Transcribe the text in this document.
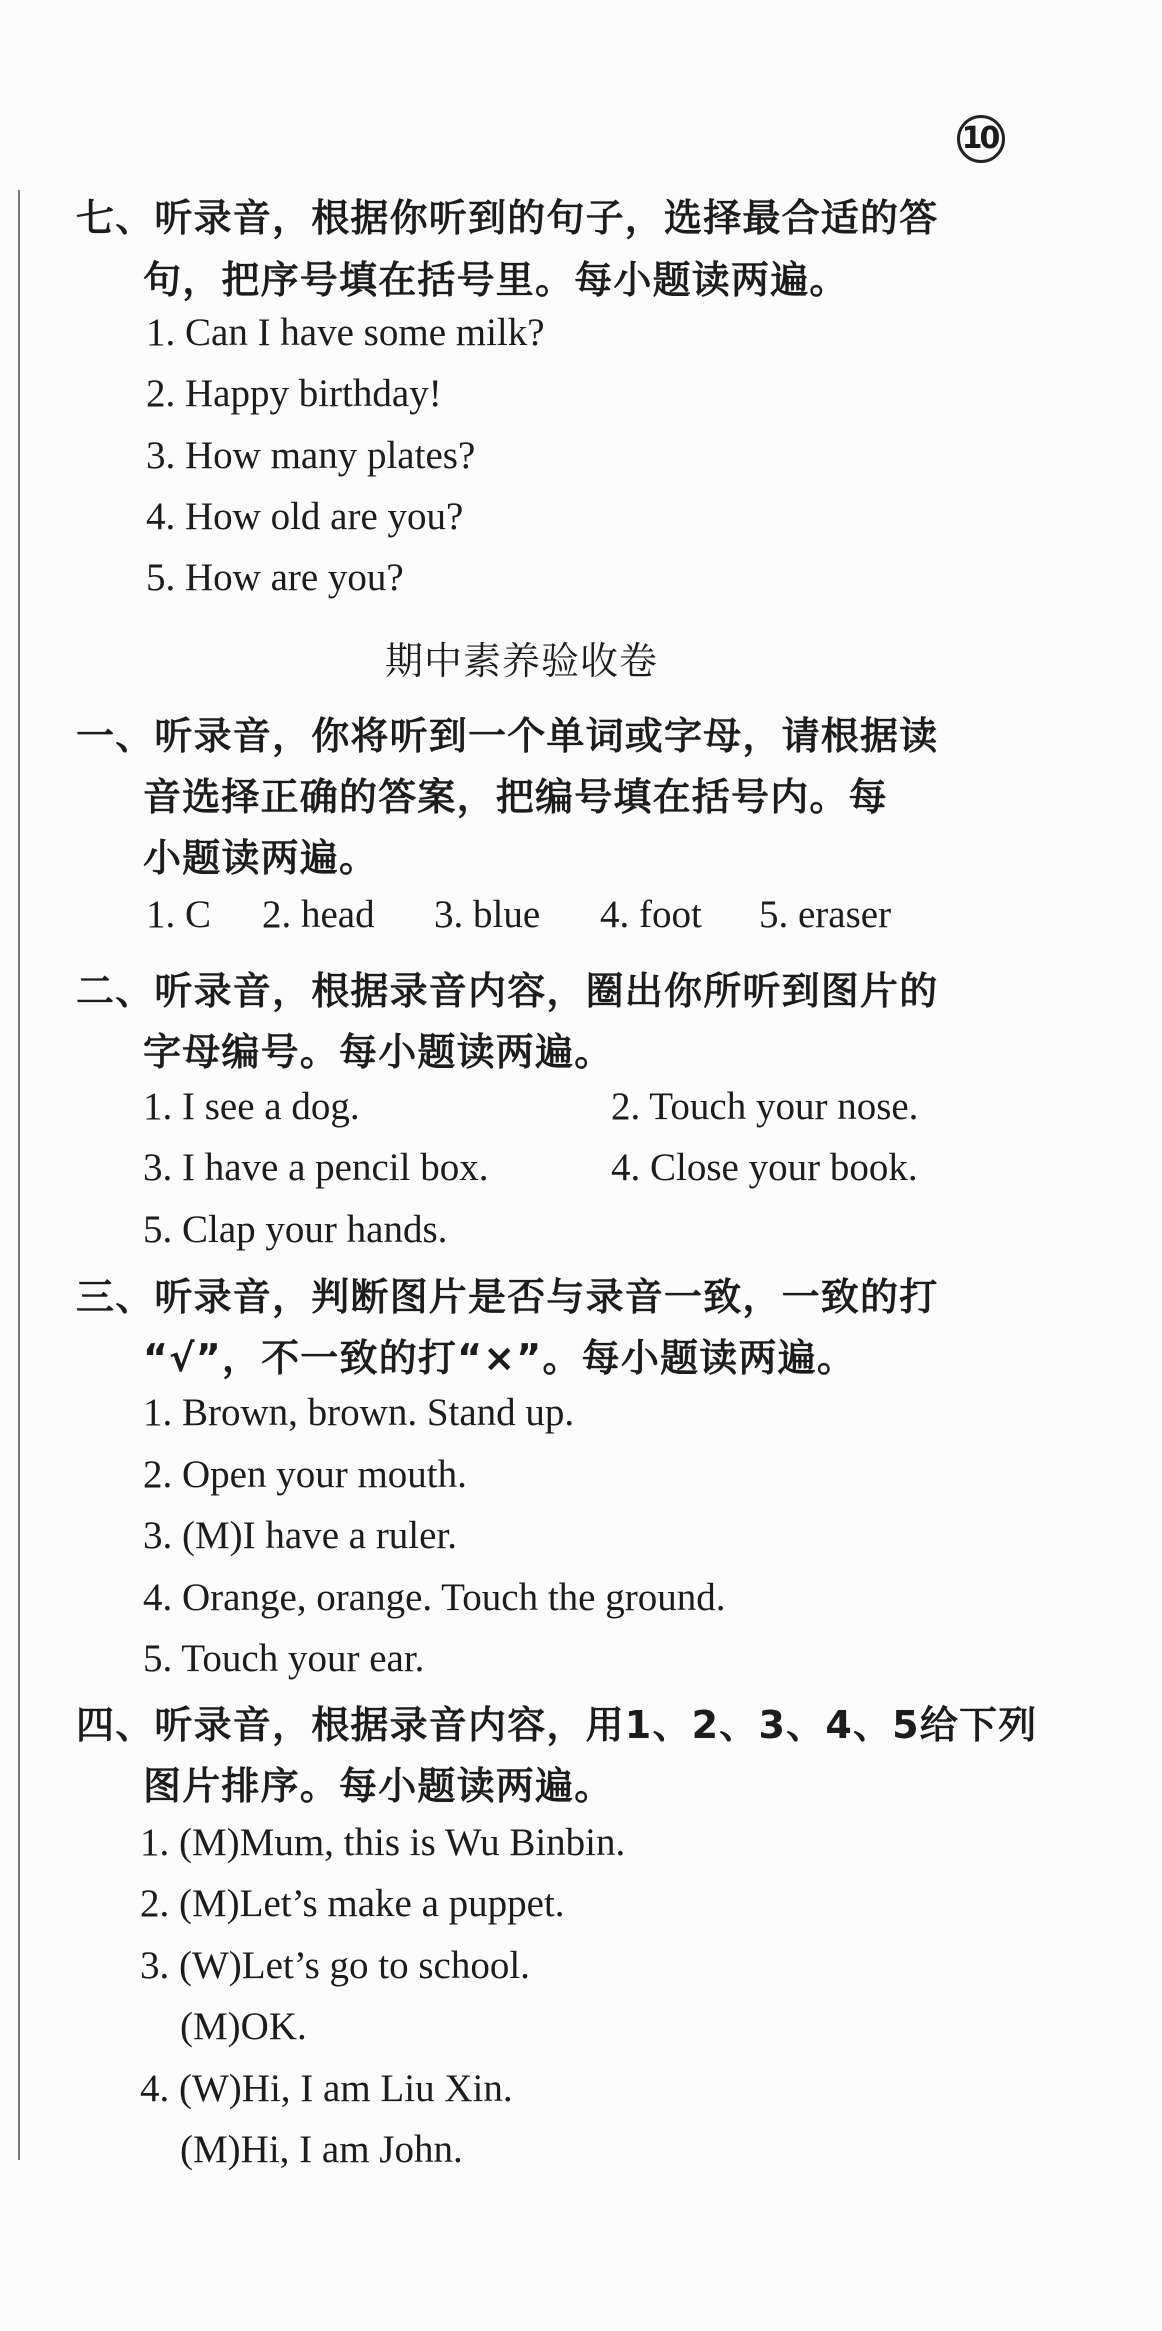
10
七、听录音，根据你听到的句子，选择最合适的答
句，把序号填在括号里。每小题读两遍。
1. Can I have some milk?
2. Happy birthday!
3. How many plates?
4. How old are you?
5. How are you?
期中素养验收卷
一、听录音，你将听到一个单词或字母，请根据读
音选择正确的答案，把编号填在括号内。每
小题读两遍。
1. C 2. head 3. blue 4. foot 5. eraser
二、听录音，根据录音内容，圈出你所听到图片的
字母编号。每小题读两遍。
1. I see a dog.	2. Touch your nose.
3. I have a pencil box.	4. Close your book.
5. Clap your hands.
三、听录音，判断图片是否与录音一致，一致的打
“√”，不一致的打“×”。每小题读两遍。
1. Brown, brown. Stand up.
2. Open your mouth.
3. (M)I have a ruler.
4. Orange, orange. Touch the ground.
5. Touch your ear.
四、听录音，根据录音内容，用1、2、3、4、5给下列
图片排序。每小题读两遍。
1. (M)Mum, this is Wu Binbin.
2. (M)Let’s make a puppet.
3. (W)Let’s go to school.
(M)OK.
4. (W)Hi, I am Liu Xin.
(M)Hi, I am John.
